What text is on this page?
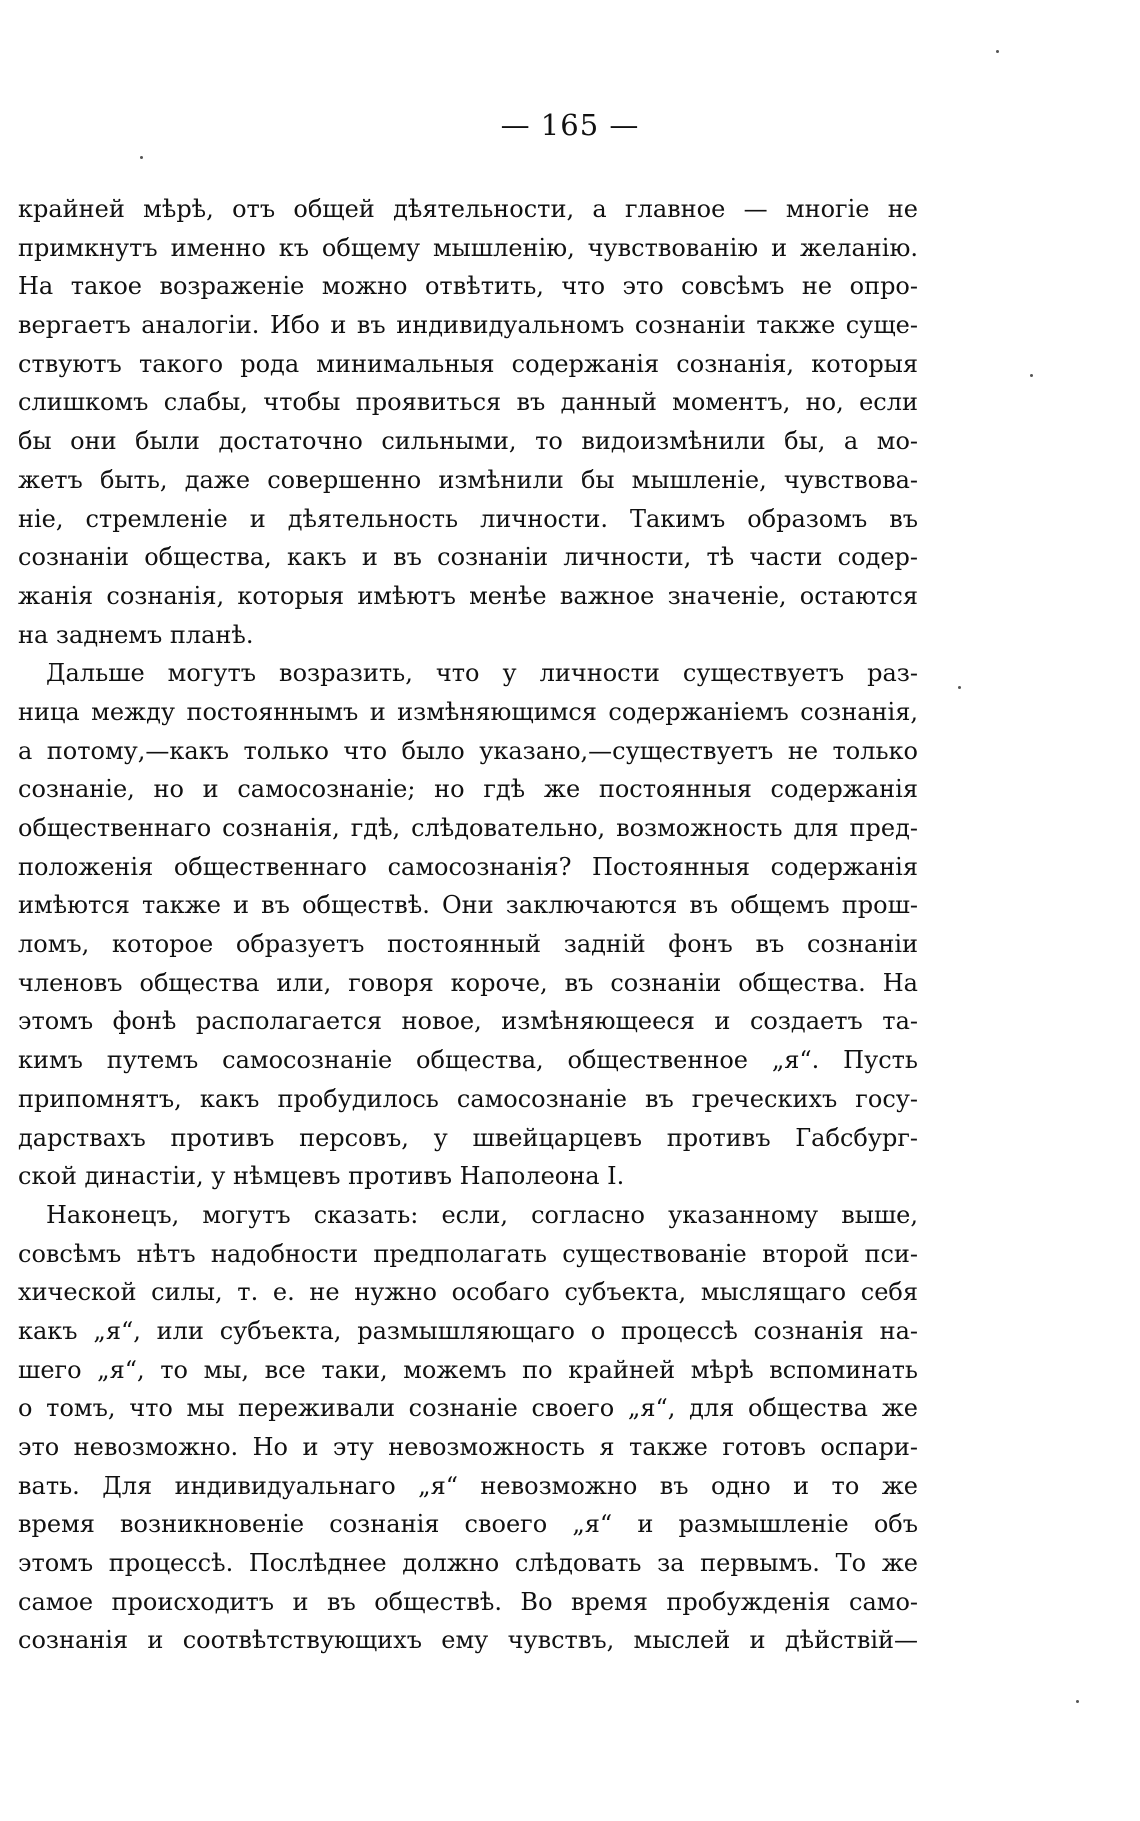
— 165 —
крайней мѣрѣ, отъ общей дѣятельности, а главное — многіе не
примкнутъ именно къ общему мышленію, чувствованію и желанію.
На такое возраженіе можно отвѣтить, что это совсѣмъ не опро-
вергаетъ аналогіи. Ибо и въ индивидуальномъ сознаніи также суще-
ствуютъ такого рода минимальныя содержанія сознанія, которыя
слишкомъ слабы, чтобы проявиться въ данный моментъ, но, если
бы они были достаточно сильными, то видоизмѣнили бы, а мо-
жетъ быть, даже совершенно измѣнили бы мышленіе, чувствова-
ніе, стремленіе и дѣятельность личности. Такимъ образомъ въ
сознаніи общества, какъ и въ сознаніи личности, тѣ части содер-
жанія сознанія, которыя имѣютъ менѣе важное значеніе, остаются
на заднемъ планѣ.
Дальше могутъ возразить, что у личности существуетъ раз-
ница между постояннымъ и измѣняющимся содержаніемъ сознанія,
а потому,—какъ только что было указано,—существуетъ не только
сознаніе, но и самосознаніе; но гдѣ же постоянныя содержанія
общественнаго сознанія, гдѣ, слѣдовательно, возможность для пред-
положенія общественнаго самосознанія? Постоянныя содержанія
имѣются также и въ обществѣ. Они заключаются въ общемъ прош-
ломъ, которое образуетъ постоянный задній фонъ въ сознаніи
членовъ общества или, говоря короче, въ сознаніи общества. На
этомъ фонѣ располагается новое, измѣняющееся и создаетъ та-
кимъ путемъ самосознаніе общества, общественное „я“. Пусть
припомнятъ, какъ пробудилось самосознаніе въ греческихъ госу-
дарствахъ противъ персовъ, у швейцарцевъ противъ Габсбург-
ской династіи, у нѣмцевъ противъ Наполеона I.
Наконецъ, могутъ сказать: если, согласно указанному выше,
совсѣмъ нѣтъ надобности предполагать существованіе второй пси-
хической силы, т. е. не нужно особаго субъекта, мыслящаго себя
какъ „я“, или субъекта, размышляющаго о процессѣ сознанія на-
шего „я“, то мы, все таки, можемъ по крайней мѣрѣ вспоминать
о томъ, что мы переживали сознаніе своего „я“, для общества же
это невозможно. Но и эту невозможность я также готовъ оспари-
вать. Для индивидуальнаго „я“ невозможно въ одно и то же
время возникновеніе сознанія своего „я“ и размышленіе объ
этомъ процессѣ. Послѣднее должно слѣдовать за первымъ. То же
самое происходитъ и въ обществѣ. Во время пробужденія само-
сознанія и соотвѣтствующихъ ему чувствъ, мыслей и дѣйствій—
